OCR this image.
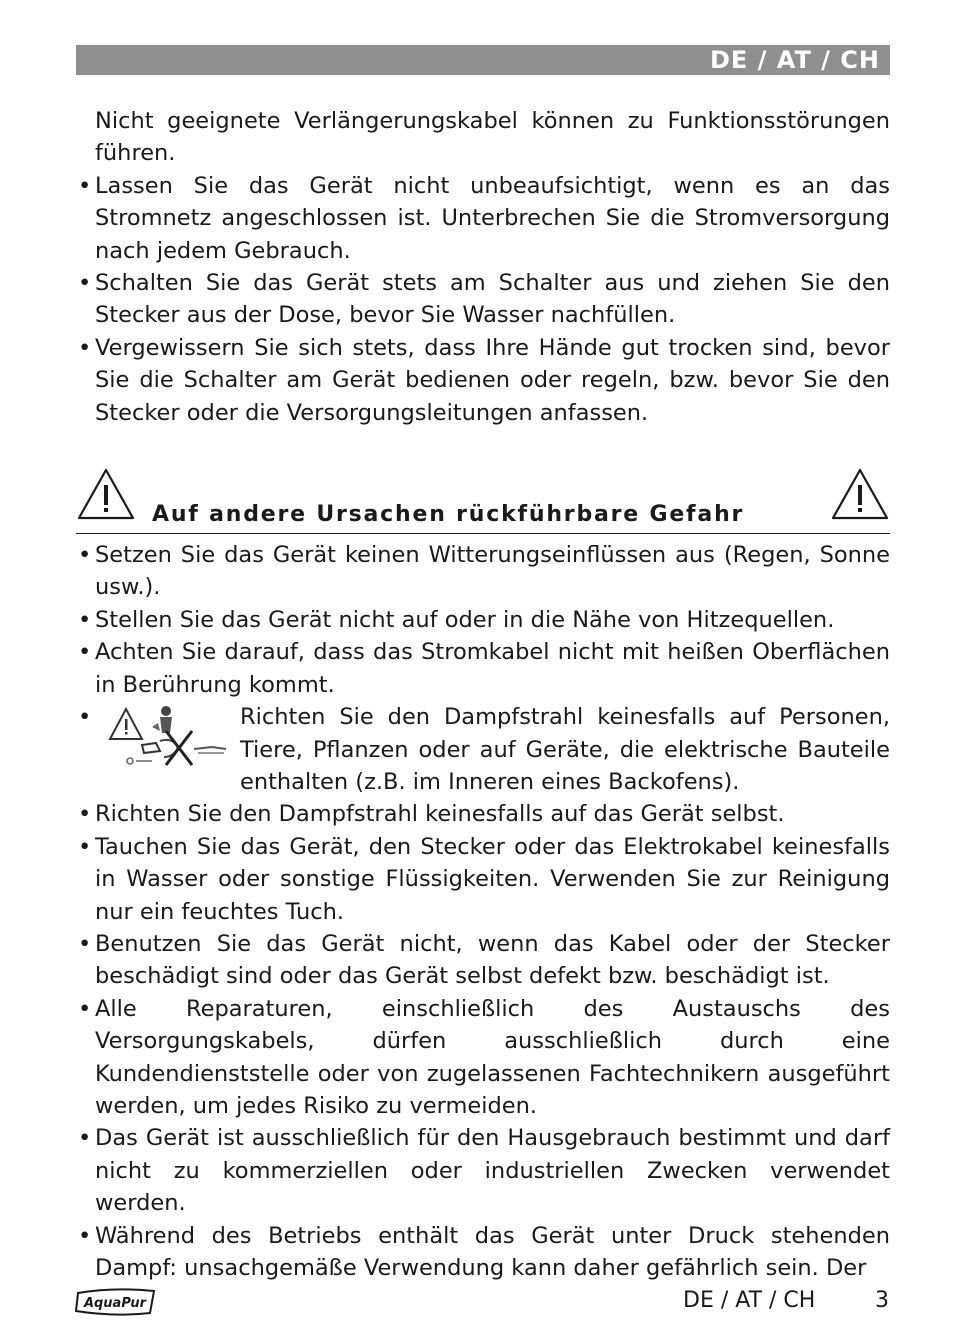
DE / AT / CH

Nicht geeignete Verlängerungskabel können zu Funktionsstörungen führen.

• Lassen Sie das Gerät nicht unbeaufsichtigt, wenn es an das Stromnetz angeschlossen ist. Unterbrechen Sie die Stromversorgung nach jedem Gebrauch.

• Schalten Sie das Gerät stets am Schalter aus und ziehen Sie den Stecker aus der Dose, bevor Sie Wasser nachfüllen.

• Vergewissern Sie sich stets, dass Ihre Hände gut trocken sind, bevor Sie die Schalter am Gerät bedienen oder regeln, bzw. bevor Sie den Stecker oder die Versorgungsleitungen anfassen.

Auf andere Ursachen rückführbare Gefahr
• Setzen Sie das Gerät keinen Witterungseinflüssen aus (Regen, Sonne usw.).

• Stellen Sie das Gerät nicht auf oder in die Nähe von Hitzequellen.

• Achten Sie darauf, dass das Stromkabel nicht mit heißen Oberflächen in Berührung kommt.

•	Richten Sie den Dampfstrahl keinesfalls auf Personen, Tiere, Pflanzen oder auf Geräte, die elektrische Bauteile enthalten (z.B. im Inneren eines Backofens).

• Richten Sie den Dampfstrahl keinesfalls auf das Gerät selbst.

• Tauchen Sie das Gerät, den Stecker oder das Elektrokabel keinesfalls in Wasser oder sonstige Flüssigkeiten. Verwenden Sie zur Reinigung nur ein feuchtes Tuch.

• Benutzen Sie das Gerät nicht, wenn das Kabel oder der Stecker beschädigt sind oder das Gerät selbst defekt bzw. beschädigt ist.

• Alle Reparaturen, einschließlich des Austauschs des Versorgungskabels, dürfen ausschließlich durch eine Kundendienststelle oder von zugelassenen Fachtechnikern ausgeführt werden, um jedes Risiko zu vermeiden.

• Das Gerät ist ausschließlich für den Hausgebrauch bestimmt und darf nicht zu kommerziellen oder industriellen Zwecken verwendet werden.

• Während des Betriebs enthält das Gerät unter Druck stehenden Dampf: unsachgemäße Verwendung kann daher gefährlich sein. Der

AquaPur	DE / AT / CH	3
